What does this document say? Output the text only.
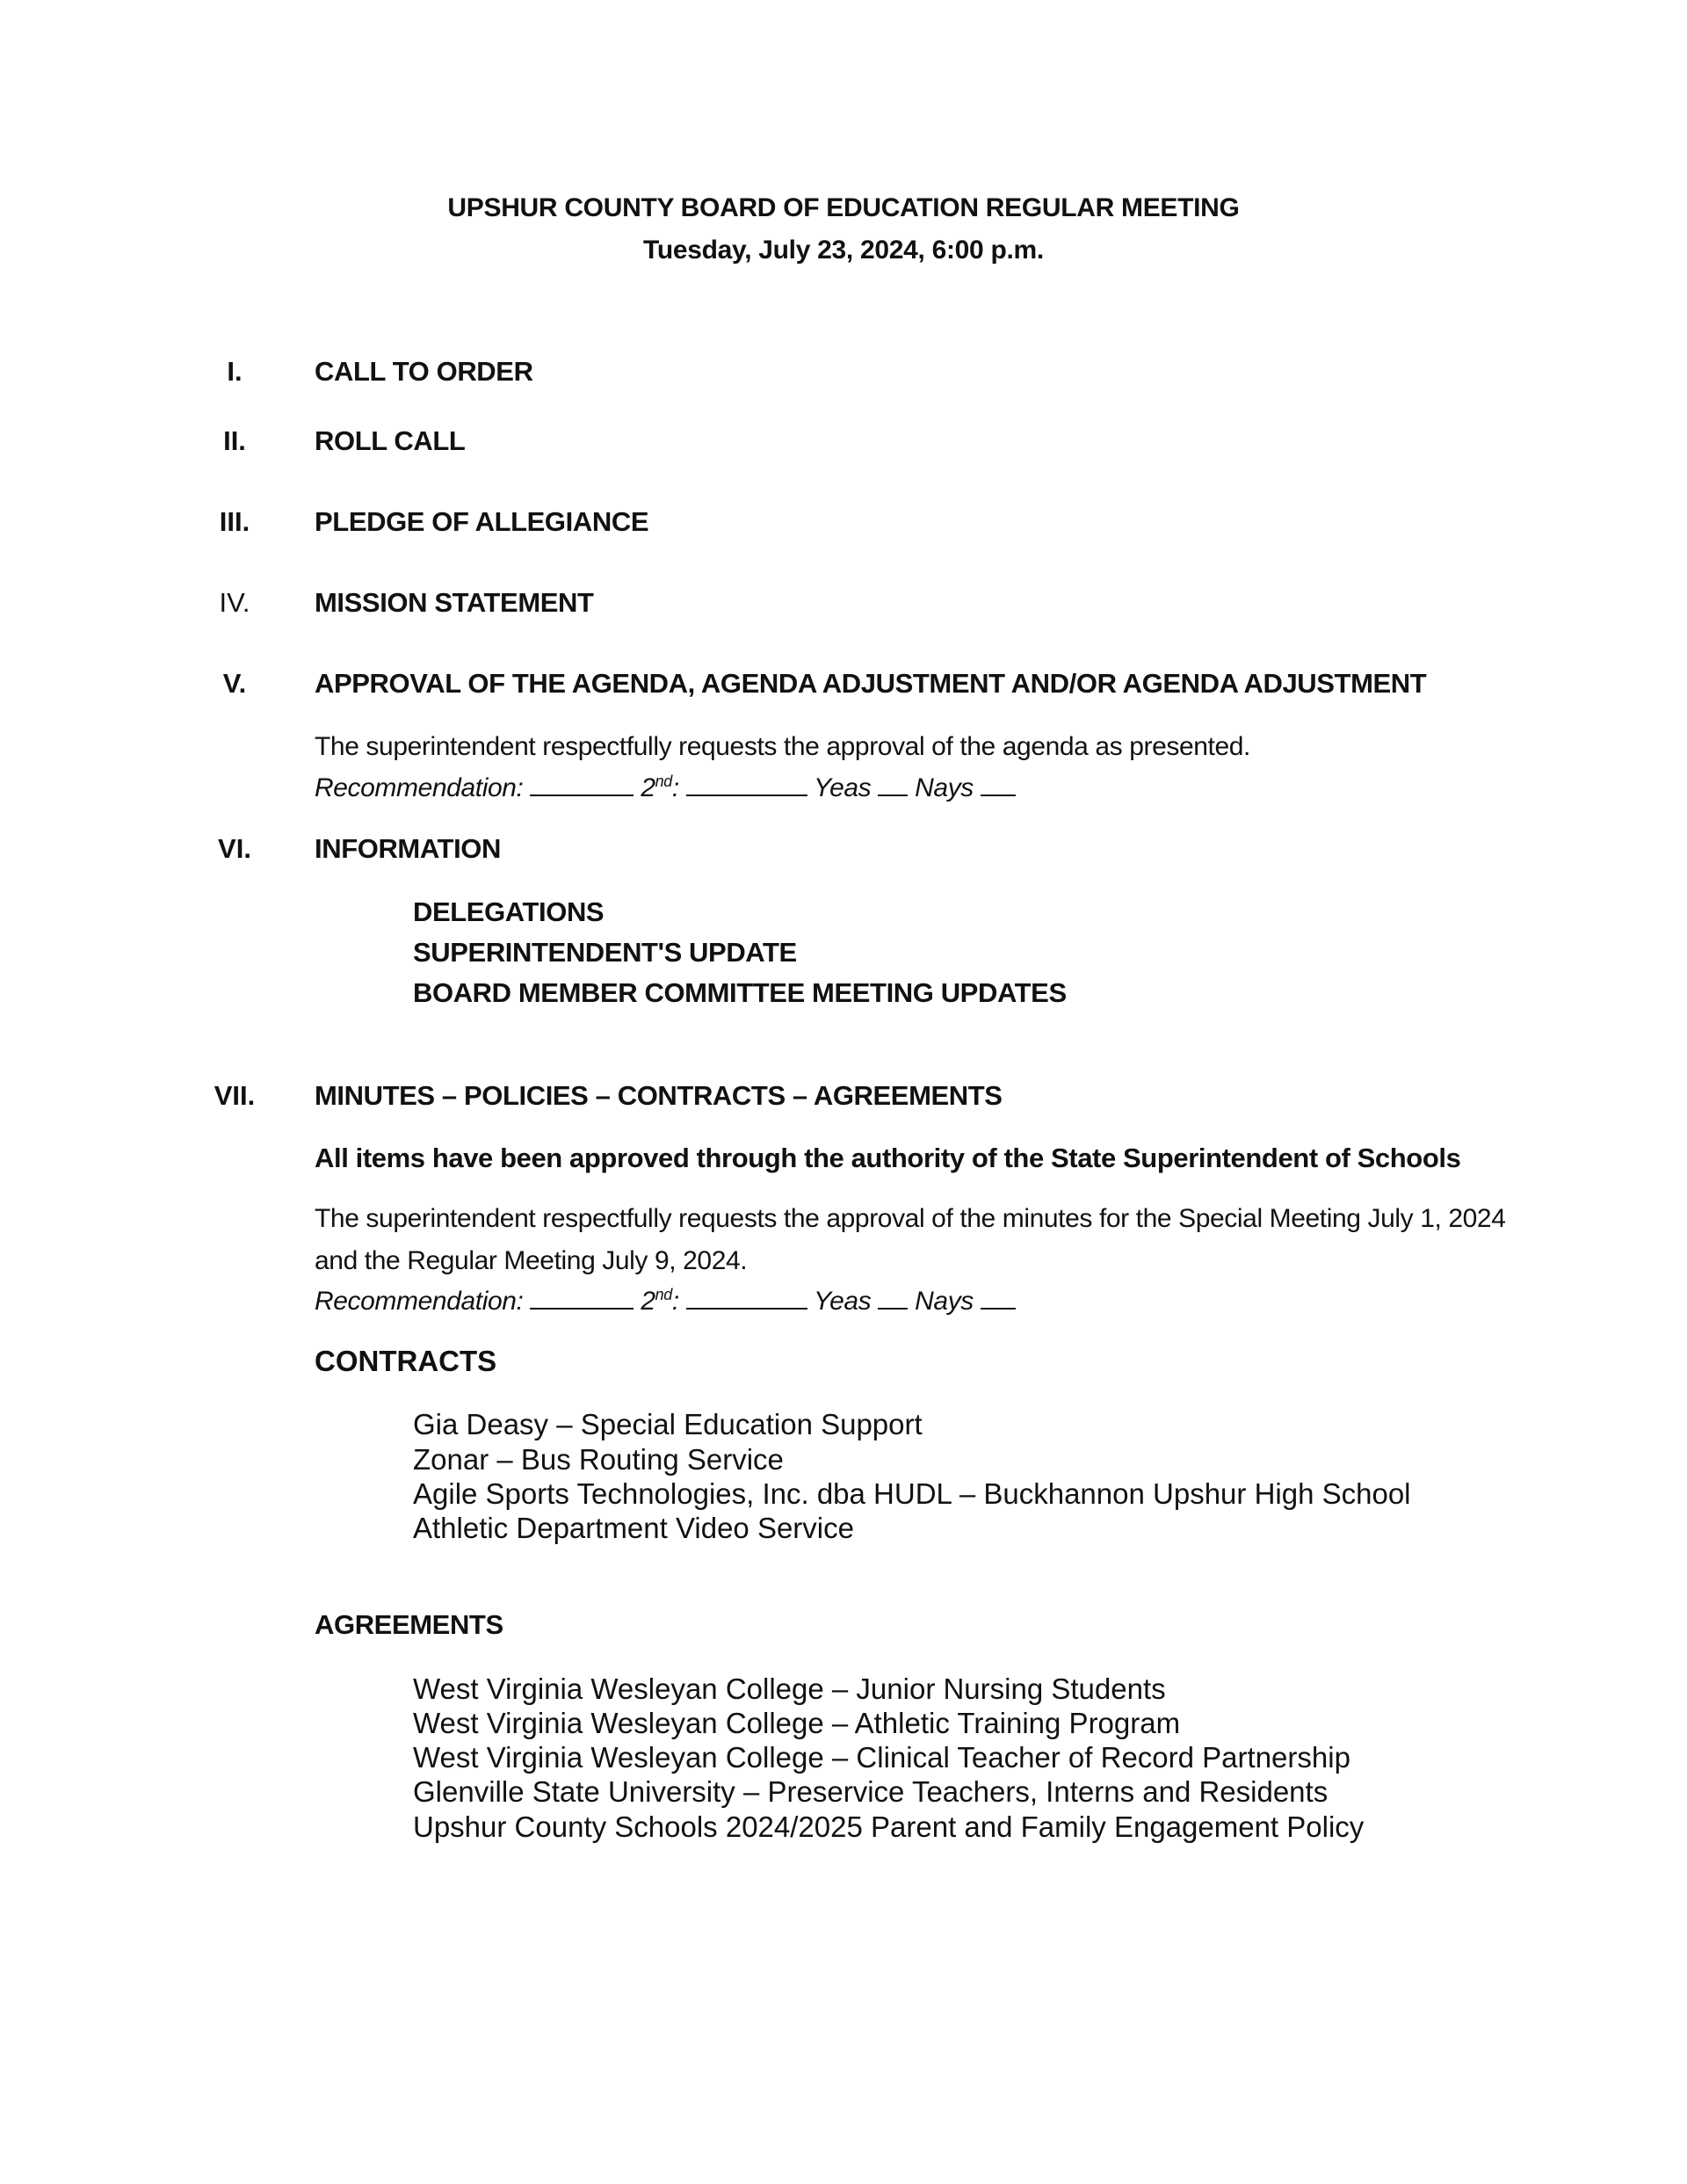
UPSHUR COUNTY BOARD OF EDUCATION REGULAR MEETING
Tuesday, July 23, 2024, 6:00 p.m.
I.	CALL TO ORDER
II.	ROLL CALL
III.	PLEDGE OF ALLEGIANCE
IV.	MISSION STATEMENT
V.	APPROVAL OF THE AGENDA, AGENDA ADJUSTMENT AND/OR AGENDA ADJUSTMENT
The superintendent respectfully requests the approval of the agenda as presented.
Recommendation:	2nd:	Yeas Nays
VI.	INFORMATION
DELEGATIONS
SUPERINTENDENT'S UPDATE
BOARD MEMBER COMMITTEE MEETING UPDATES
VII.	MINUTES – POLICIES – CONTRACTS – AGREEMENTS
All items have been approved through the authority of the State Superintendent of Schools
The superintendent respectfully requests the approval of the minutes for the Special Meeting July 1, 2024
and the Regular Meeting July 9, 2024.
Recommendation:	2nd:	Yeas Nays
CONTRACTS
Gia Deasy – Special Education Support
Zonar – Bus Routing Service
Agile Sports Technologies, Inc. dba HUDL – Buckhannon Upshur High School
Athletic Department Video Service
AGREEMENTS
West Virginia Wesleyan College – Junior Nursing Students
West Virginia Wesleyan College – Athletic Training Program
West Virginia Wesleyan College – Clinical Teacher of Record Partnership
Glenville State University – Preservice Teachers, Interns and Residents
Upshur County Schools 2024/2025 Parent and Family Engagement Policy
